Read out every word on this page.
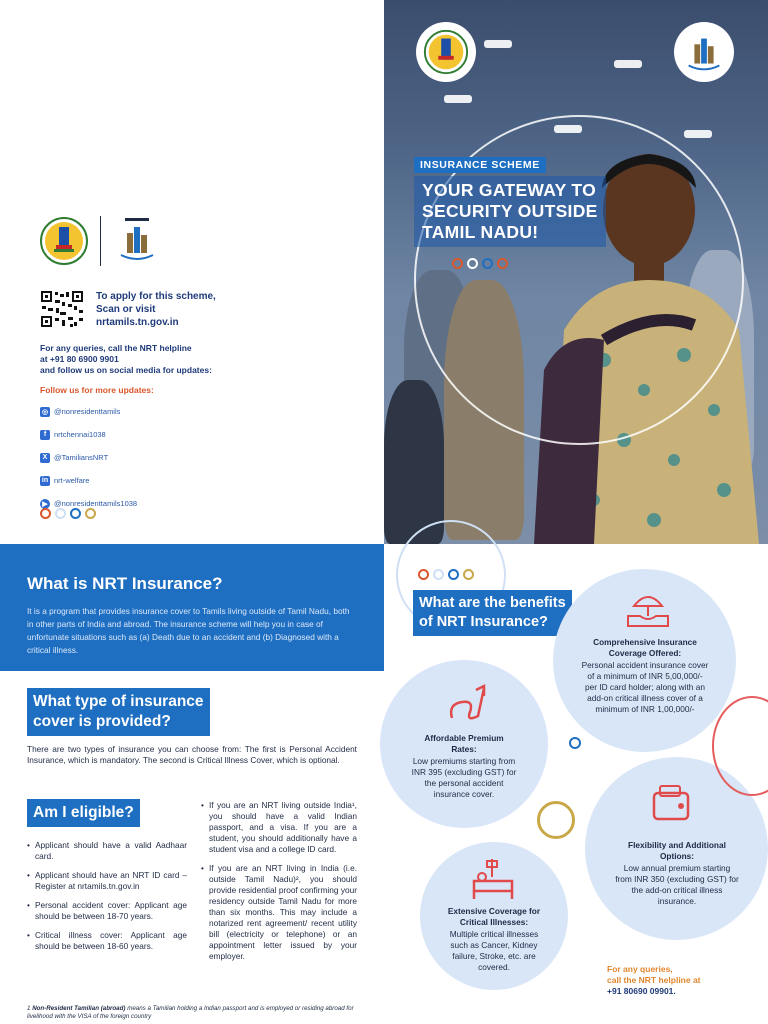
To apply for this scheme,
Scan or visit
nrtamils.tn.gov.in
For any queries, call the NRT helpline
at +91 80 6900 9901
and follow us on social media for updates:
Follow us for more updates:
◎ @nonresidenttamils
f	nrtchennai1038
X @TamiliansNRT
in nrt-welfare
▶ @nonresidenttamils1038
INSURANCE SCHEME
YOUR GATEWAY TO
SECURITY OUTSIDE
TAMIL NADU!
What is NRT Insurance?

It is a program that provides insurance cover to Tamils living outside of Tamil Nadu, both in other parts of India and abroad. The insurance scheme will help you in case of unfortunate situations such as (a) Death due to an accident and (b) Diagnosed with a critical illness.

What type of insurance
cover is provided?

There are two types of insurance you can choose from: The first is Personal Accident Insurance, which is mandatory. The second is Critical Illness Cover, which is optional.

Am I eligible?
• Applicant should have a valid Aadhaar card.
• Applicant should have an NRT ID card – Register at nrtamils.tn.gov.in
• Personal accident cover: Applicant age should be between 18-70 years.
• Critical illness cover: Applicant age should be between 18-60 years.
• If you are an NRT living outside India¹, you should have a valid Indian passport, and a visa. If you are a student, you should additionally have a student visa and a college ID card.
• If you are an NRT living in India (i.e. outside Tamil Nadu)², you should provide residential proof confirming your residency outside Tamil Nadu for more than six months. This may include a notarized rent agreement/ recent utility bill (electricity or telephone) or an appointment letter issued by your employer.

1 Non-Resident Tamilian (abroad) means a Tamilian holding a Indian passport and is employed or residing abroad for livelihood with the VISA of the foreign country

What are the benefits
of NRT Insurance?
Comprehensive Insurance
Coverage Offered:
Personal accident insurance cover
of a minimum of INR 5,00,000/-
per ID card holder; along with an
add-on critical illness cover of a
minimum of INR 1,00,000/-
Affordable Premium
Rates:
Low premiums starting from
INR 395 (excluding GST) for
the personal accident
insurance cover.
Flexibility and Additional
Options:
Low annual premium starting
from INR 350 (excluding GST) for
the add-on critical illness
insurance.
Extensive Coverage for
Critical Illnesses:
Multiple critical illnesses
such as Cancer, Kidney
failure, Stroke, etc. are
covered.	For any queries,
call the NRT helpline at
+91 80690 09901.
